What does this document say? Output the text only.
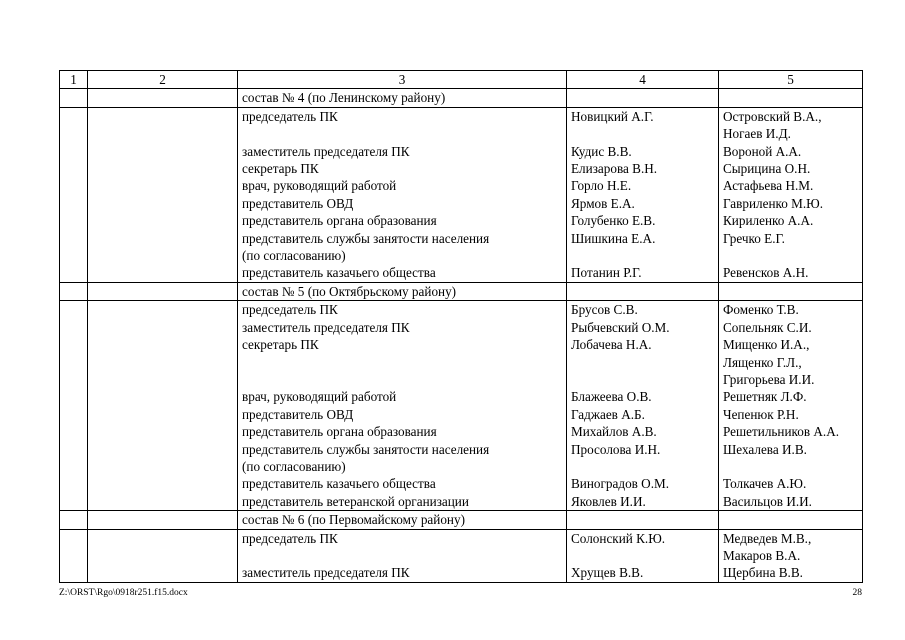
1	2	3	4	5
		состав № 4 (по Ленинскому району)		
		председатель ПК	Новицкий А.Г.	Островский В.А.,
				Ногаев И.Д.
		заместитель председателя ПК	Кудис В.В.	Вороной А.А.
		секретарь ПК	Елизарова В.Н.	Сырицина О.Н.
		врач, руководящий работой	Горло Н.Е.	Астафьева Н.М.
		представитель ОВД	Ярмов Е.А.	Гавриленко М.Ю.
		представитель органа образования	Голубенко Е.В.	Кириленко А.А.
		представитель службы занятости населения	Шишкина Е.А.	Гречко Е.Г.
		(по согласованию)		
		представитель казачьего общества	Потанин Р.Г.	Ревенсков А.Н.
		состав № 5 (по Октябрьскому району)		
		председатель ПК	Брусов С.В.	Фоменко Т.В.
		заместитель председателя ПК	Рыбчевский О.М.	Сопельняк С.И.
		секретарь ПК	Лобачева Н.А.	Мищенко И.А.,
				Лященко Г.Л.,
				Григорьева И.И.
		врач, руководящий работой	Блажеева О.В.	Решетняк Л.Ф.
		представитель ОВД	Гаджаев А.Б.	Чепенюк Р.Н.
		представитель органа образования	Михайлов А.В.	Решетильников А.А.
		представитель службы занятости населения	Просолова И.Н.	Шехалева И.В.
		(по согласованию)		
		представитель казачьего общества	Виноградов О.М.	Толкачев А.Ю.
		представитель ветеранской организации	Яковлев И.И.	Васильцов И.И.
		состав № 6 (по Первомайскому району)		
		председатель ПК	Солонский К.Ю.	Медведев М.В.,
				Макаров В.А.
		заместитель председателя ПК	Хрущев В.В.	Щербина В.В.
Z:\ORST\Rgo\0918r251.f15.docx	28
